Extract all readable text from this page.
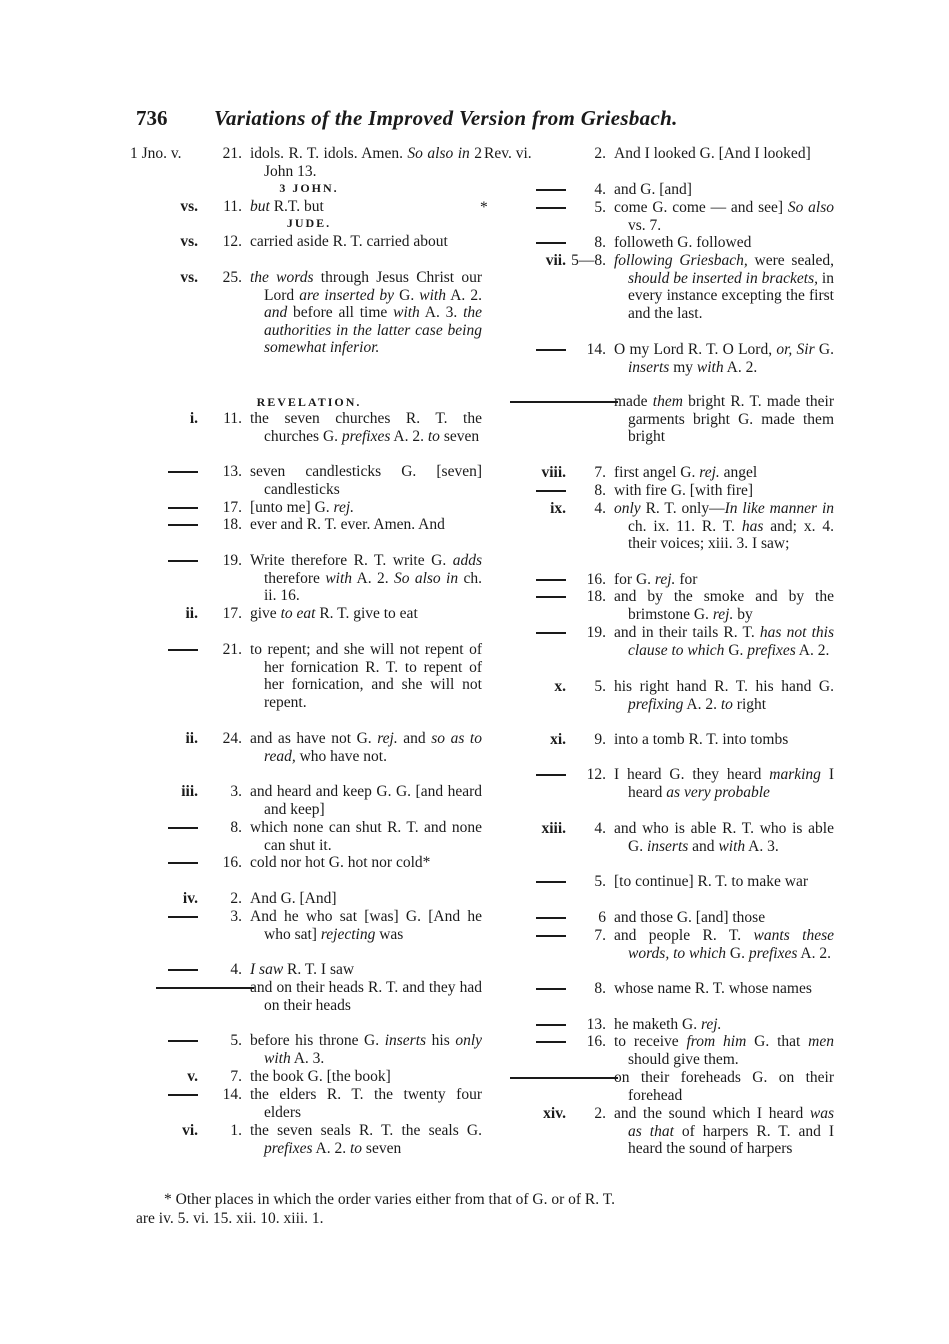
736 Variations of the Improved Version from Griesbach.
1 Jno. v.	21. idols. R. T. idols. Amen. So also in 2 John 13.
3 JOHN.
vs. 11. but R.T. but
JUDE.
vs. 12. carried aside R. T. carried about
vs. 25. the words through Jesus Christ our Lord are inserted by G. with A. 2. and before all time with A. 3. the authorities in the latter case being somewhat inferior.
REVELATION.
i. 11. the seven churches R. T. the churches G. prefixes A. 2. to seven
13. seven candlesticks G. [seven] candlesticks
17. [unto me] G. rej.
18. ever and R. T. ever. Amen. And
19. Write therefore R. T. write G. adds therefore with A. 2. So also in ch. ii. 16.
ii. 17. give to eat R. T. give to eat
21. to repent; and she will not repent of her fornication R. T. to repent of her fornication, and she will not repent.
ii. 24. and as have not G. rej. and so as to read, who have not.
iii. 3. and heard and keep G. G. [and heard and keep]
8. which none can shut R. T. and none can shut it.
16. cold nor hot G. hot nor cold*
iv. 2. And G. [And]
3. And he who sat [was] G. [And he who sat] rejecting was
4. I saw R. T. I saw
and on their heads R. T. and they had on their heads
5. before his throne G. inserts his only with A. 3.
v. 7. the book G. [the book]
14. the elders R. T. the twenty four elders
vi. 1. the seven seals R. T. the seals G. prefixes A. 2. to seven
Rev. vi.	2. And I looked G. [And I looked]
4. and G. [and]
*	5. come G. come — and see] So also vs. 7.
8. followeth G. followed
vii. 5—8. following Griesbach, were sealed, should be inserted in brackets, in every instance excepting the first and the last.
14. O my Lord R. T. O Lord, or, Sir G. inserts my with A. 2.
made them bright R. T. made their garments bright G. made them bright
viii. 7. first angel G. rej. angel
8. with fire G. [with fire]
ix. 4. only R. T. only—In like manner in ch. ix. 11. R. T. has and; x. 4. their voices; xiii. 3. I saw;
16. for G. rej. for
18. and by the smoke and by the brimstone G. rej. by
19. and in their tails R. T. has not this clause to which G. prefixes A. 2.
x. 5. his right hand R. T. his hand G. prefixing A. 2. to right
xi. 9. into a tomb R. T. into tombs
12. I heard G. they heard marking I heard as very probable
xiii. 4. and who is able R. T. who is able G. inserts and with A. 3.
5. [to continue] R. T. to make war
6 and those G. [and] those
7. and people R. T. wants these words, to which G. prefixes A. 2.
8. whose name R. T. whose names
13. he maketh G. rej.
16. to receive from him G. that men should give them.
on their foreheads G. on their forehead
xiv. 2. and the sound which I heard was as that of harpers R. T. and I heard the sound of harpers
* Other places in which the order varies either from that of G. or of R. T.
are iv. 5. vi. 15. xii. 10. xiii. 1.
